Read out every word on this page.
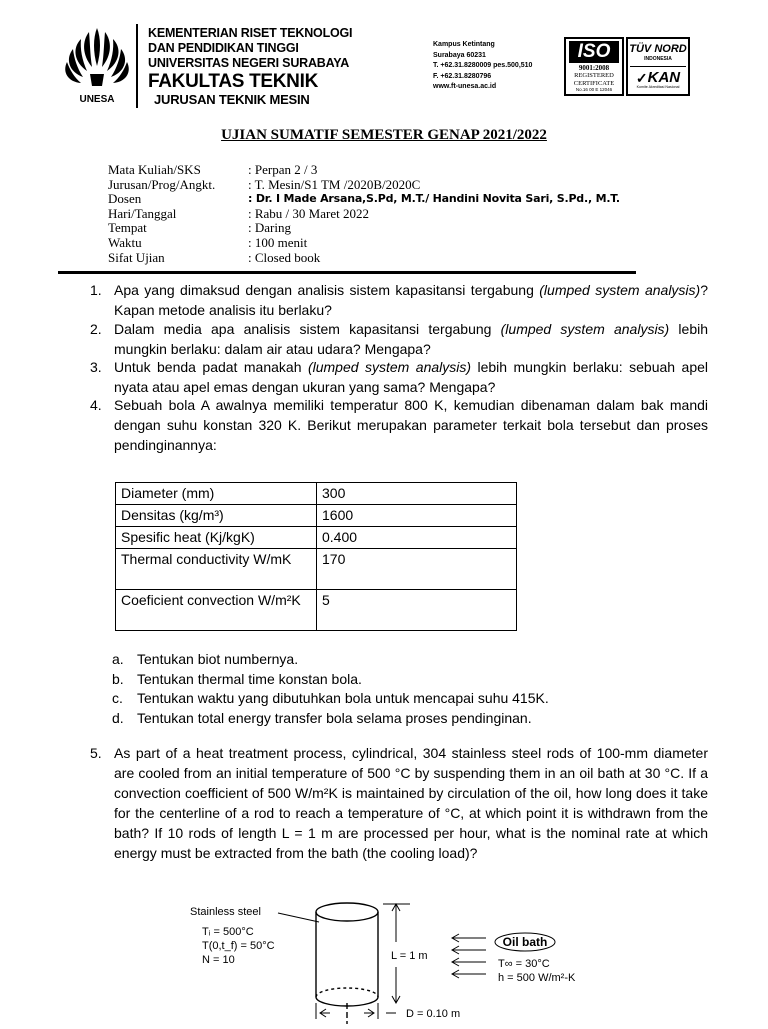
UNESA
KEMENTERIAN RISET TEKNOLOGI
DAN PENDIDIKAN TINGGI
UNIVERSITAS NEGERI SURABAYA
FAKULTAS TEKNIK
JURUSAN TEKNIK MESIN
Kampus Ketintang
Surabaya 60231
T. +62.31.8280009 pes.500,510
F. +62.31.8280796
www.ft-unesa.ac.id
ISO
9001:2008
REGISTERED
CERTIFICATE
No.16 00 E 12046
TÜV NORD
INDONESIA
✓ KAN
Komite Akreditasi Nasional
UJIAN SUMATIF SEMESTER GENAP 2021/2022
Mata Kuliah/SKS	: Perpan 2 / 3
Jurusan/Prog/Angkt.	: T. Mesin/S1 TM /2020B/2020C
Dosen	: Dr. I Made Arsana,S.Pd, M.T./ Handini Novita Sari, S.Pd., M.T.
Hari/Tanggal	: Rabu / 30 Maret 2022
Tempat	: Daring
Waktu	: 100 menit
Sifat Ujian	: Closed book
1. Apa yang dimaksud dengan analisis sistem kapasitansi tergabung (lumped system analysis)? Kapan metode analisis itu berlaku?
2. Dalam media apa analisis sistem kapasitansi tergabung (lumped system analysis) lebih mungkin berlaku: dalam air atau udara? Mengapa?
3. Untuk benda padat manakah (lumped system analysis) lebih mungkin berlaku: sebuah apel nyata atau apel emas dengan ukuran yang sama? Mengapa?
4. Sebuah bola A awalnya memiliki temperatur 800 K, kemudian dibenaman dalam bak mandi dengan suhu konstan 320 K. Berikut merupakan parameter terkait bola tersebut dan proses pendinginannya:
Diameter (mm)	300
Densitas (kg/m³)	1600
Spesific heat (Kj/kgK)	0.400
Thermal conductivity W/mK	170
Coeficient convection W/m²K	5
a. Tentukan biot numbernya.
b. Tentukan thermal time konstan bola.
c.	Tentukan waktu yang dibutuhkan bola untuk mencapai suhu 415K.
d. Tentukan total energy transfer bola selama proses pendinginan.
5. As part of a heat treatment process, cylindrical, 304 stainless steel rods of 100-mm diameter are cooled from an initial temperature of 500 °C by suspending them in an oil bath at 30 °C. If a convection coefficient of 500 W/m²K is maintained by circulation of the oil, how long does it take for the centerline of a rod to reach a temperature of °C, at which point it is withdrawn from the bath? If 10 rods of length L = 1 m are processed per hour, what is the nominal rate at which energy must be extracted from the bath (the cooling load)?
Stainless steel
Tᵢ = 500°C
T(0,t_f) = 50°C
N = 10	L = 1 m
Oil bath
T∞ = 30°C
h = 500 W/m²-K
D = 0.10 m
